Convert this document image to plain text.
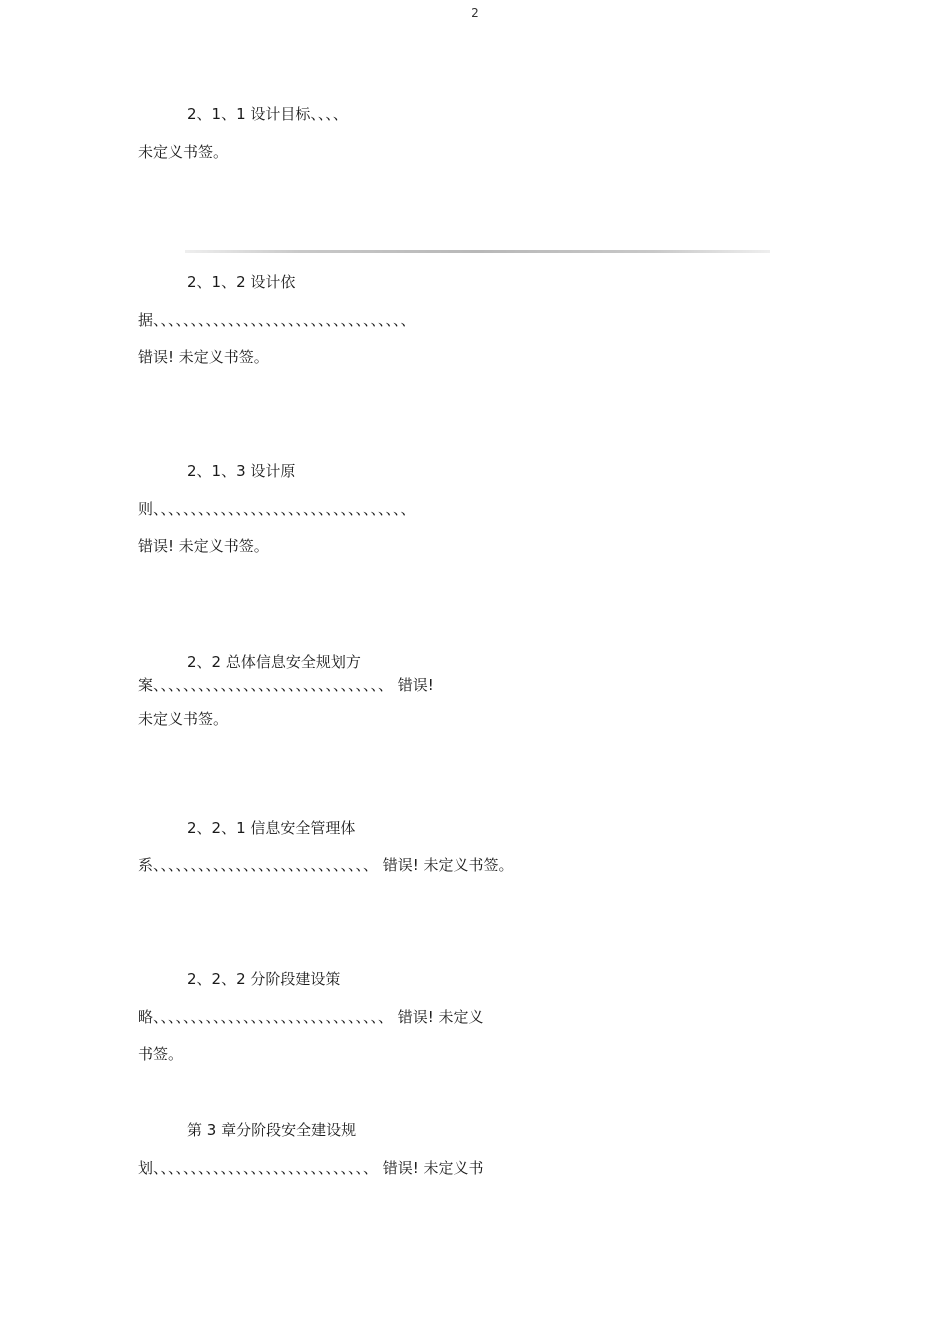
2
2、1、1 设计目标、、、、
未定义书签。
2、1、2 设计依
据、、、、、、、、、、、、、、、、、、、、、、、、、、、、、、、、、、
错误! 未定义书签。
2、1、3 设计原
则、、、、、、、、、、、、、、、、、、、、、、、、、、、、、、、、、、
错误! 未定义书签。
2、2 总体信息安全规划方
案、、、、、、、、、、、、、、、、、、、、、、、、、、、、、、、 错误!
未定义书签。
2、2、1 信息安全管理体
系、、、、、、、、、、、、、、、、、、、、、、、、、、、、、 错误! 未定义书签。
2、2、2 分阶段建设策
略、、、、、、、、、、、、、、、、、、、、、、、、、、、、、、、 错误! 未定义
书签。
第 3 章分阶段安全建设规
划、、、、、、、、、、、、、、、、、、、、、、、、、、、、、 错误! 未定义书
